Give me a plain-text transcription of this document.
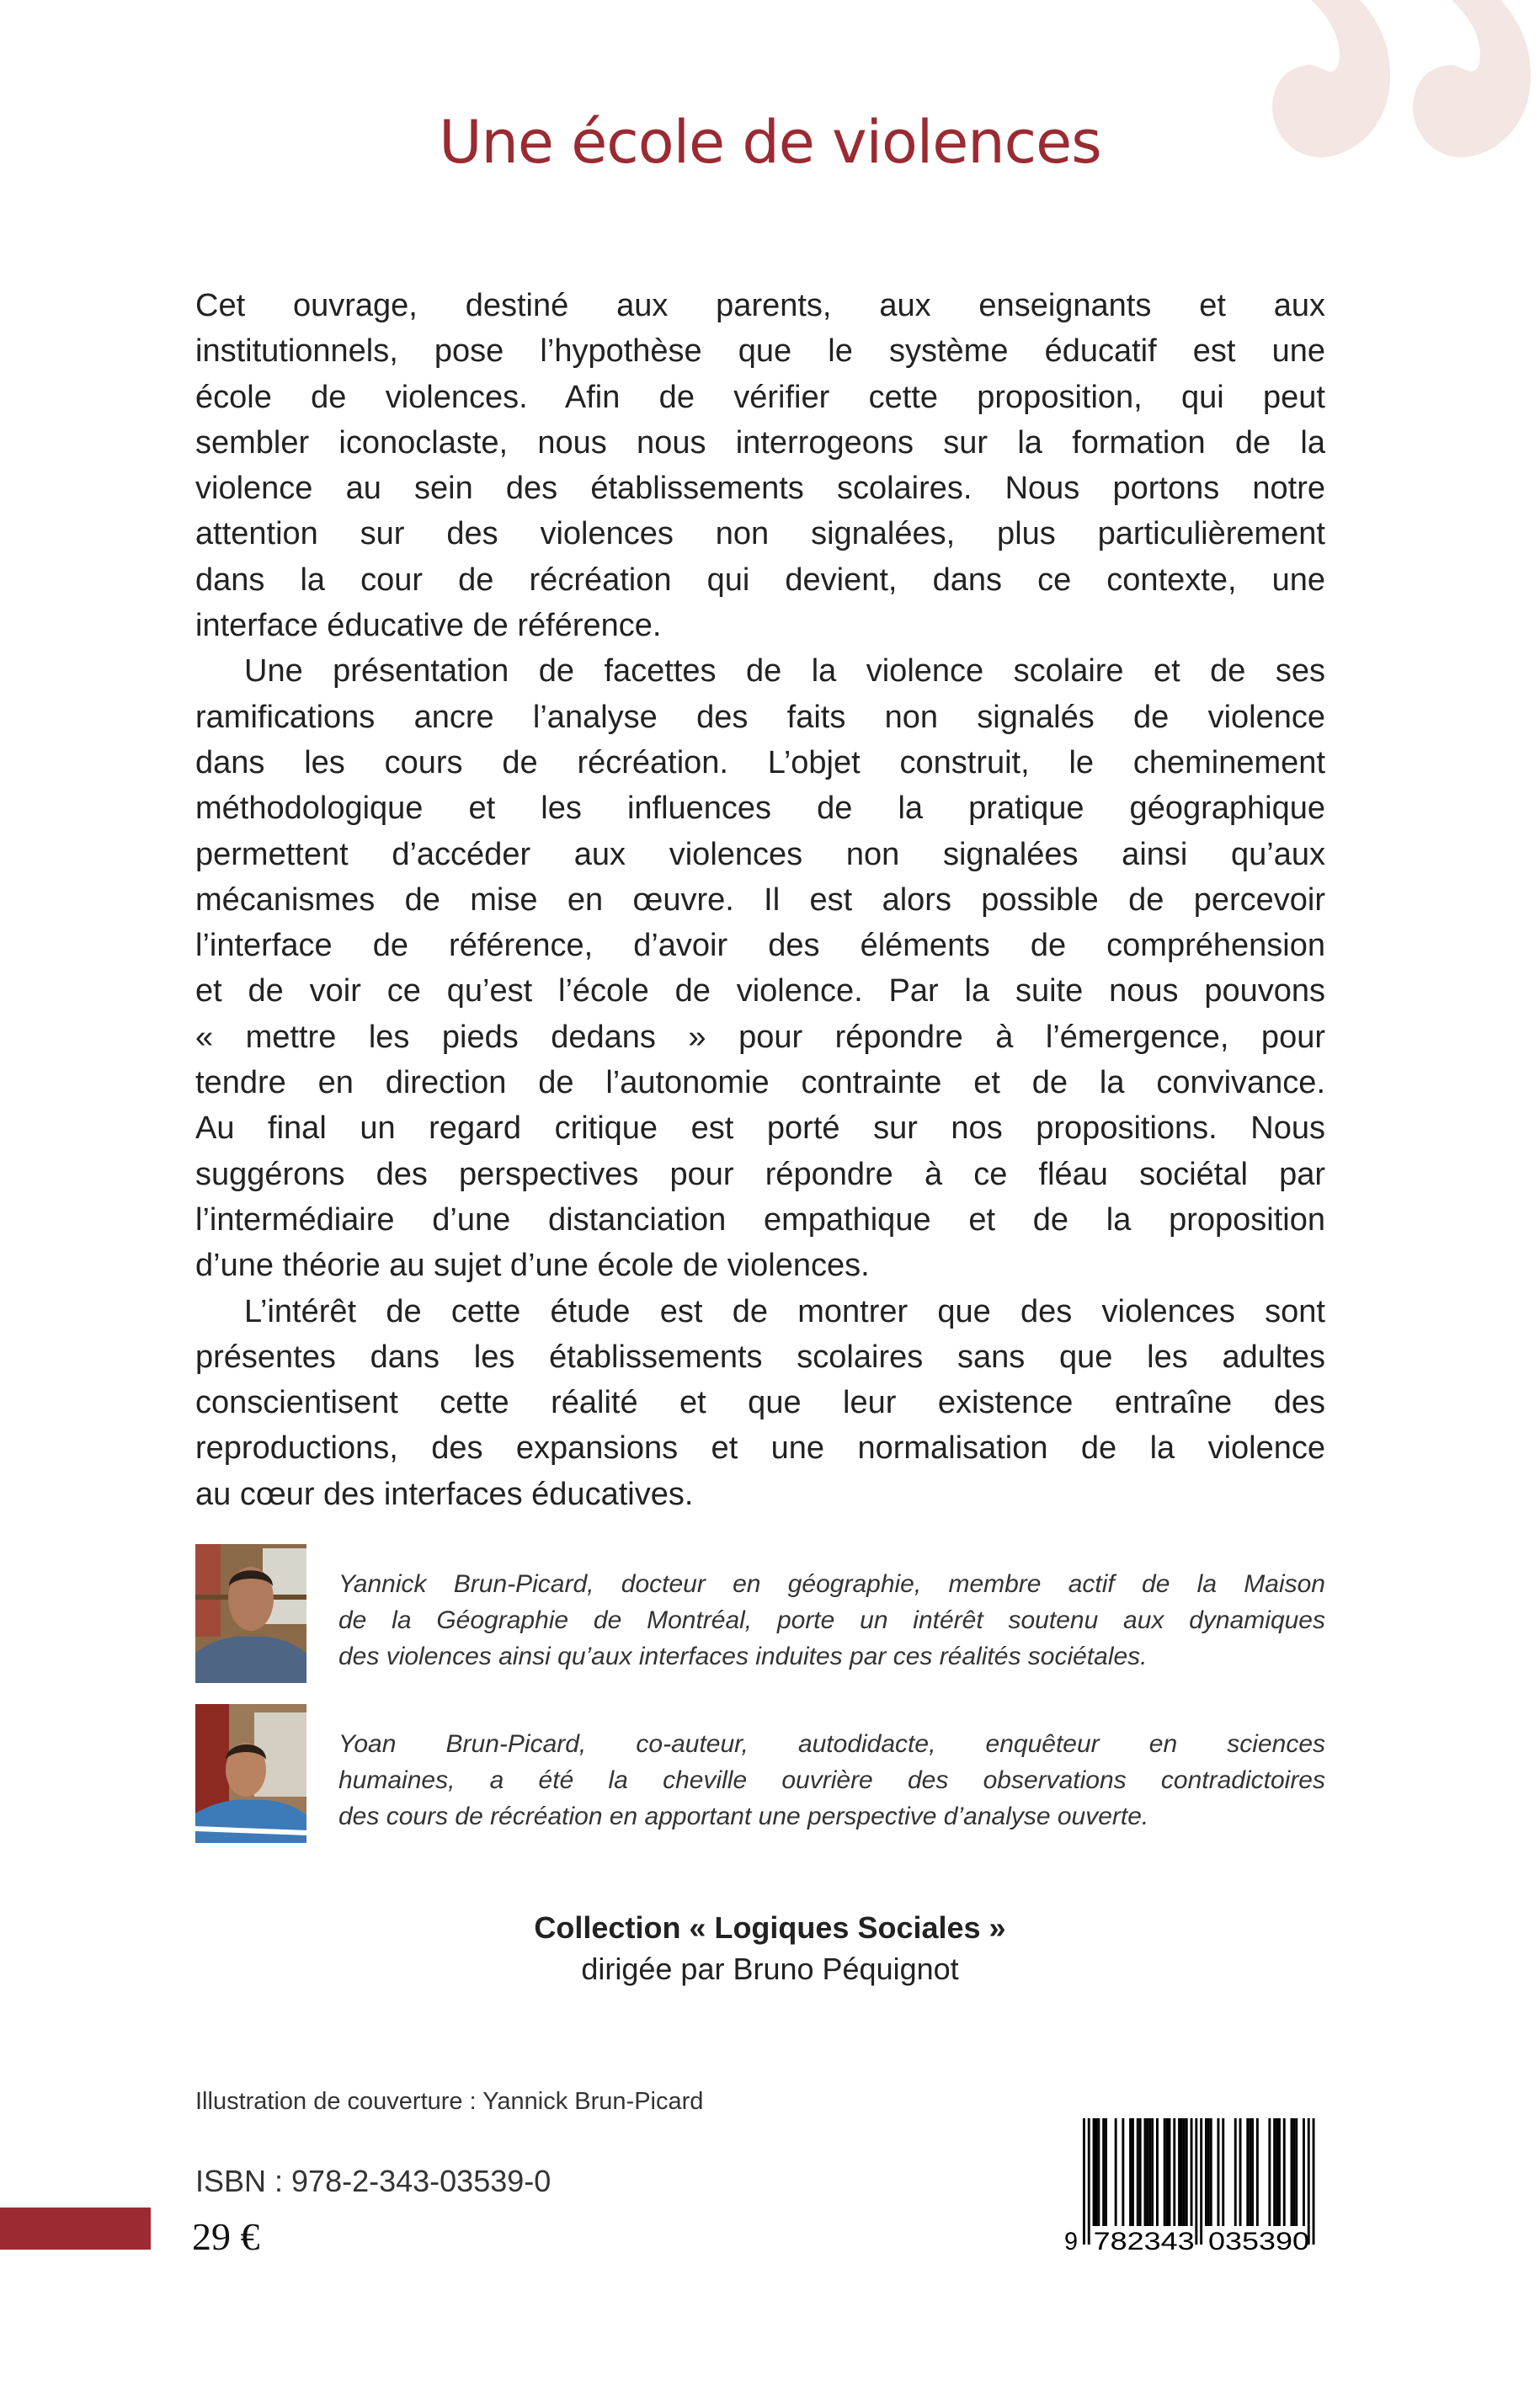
Une école de violences
Cet ouvrage, destiné aux parents, aux enseignants et aux
institutionnels, pose l’hypothèse que le système éducatif est une
école de violences. Afin de vérifier cette proposition, qui peut
sembler iconoclaste, nous nous interrogeons sur la formation de la
violence au sein des établissements scolaires. Nous portons notre
attention sur des violences non signalées, plus particulièrement
dans la cour de récréation qui devient, dans ce contexte, une
interface éducative de référence.
Une présentation de facettes de la violence scolaire et de ses
ramifications ancre l’analyse des faits non signalés de violence
dans les cours de récréation. L’objet construit, le cheminement
méthodologique et les influences de la pratique géographique
permettent d’accéder aux violences non signalées ainsi qu’aux
mécanismes de mise en œuvre. Il est alors possible de percevoir
l’interface de référence, d’avoir des éléments de compréhension
et de voir ce qu’est l’école de violence. Par la suite nous pouvons
« mettre les pieds dedans » pour répondre à l’émergence, pour
tendre en direction de l’autonomie contrainte et de la convivance.
Au final un regard critique est porté sur nos propositions. Nous
suggérons des perspectives pour répondre à ce fléau sociétal par
l’intermédiaire d’une distanciation empathique et de la proposition
d’une théorie au sujet d’une école de violences.
L’intérêt de cette étude est de montrer que des violences sont
présentes dans les établissements scolaires sans que les adultes
conscientisent cette réalité et que leur existence entraîne des
reproductions, des expansions et une normalisation de la violence
au cœur des interfaces éducatives.
Yannick Brun-Picard, docteur en géographie, membre actif de la Maison
de la Géographie de Montréal, porte un intérêt soutenu aux dynamiques
des violences ainsi qu’aux interfaces induites par ces réalités sociétales.
Yoan Brun-Picard, co-auteur, autodidacte, enquêteur en sciences
humaines, a été la cheville ouvrière des observations contradictoires
des cours de récréation en apportant une perspective d’analyse ouverte.
Collection « Logiques Sociales »
dirigée par Bruno Péquignot
Illustration de couverture : Yannick Brun-Picard
ISBN : 978-2-343-03539-0
29 €	9 782343 035390
